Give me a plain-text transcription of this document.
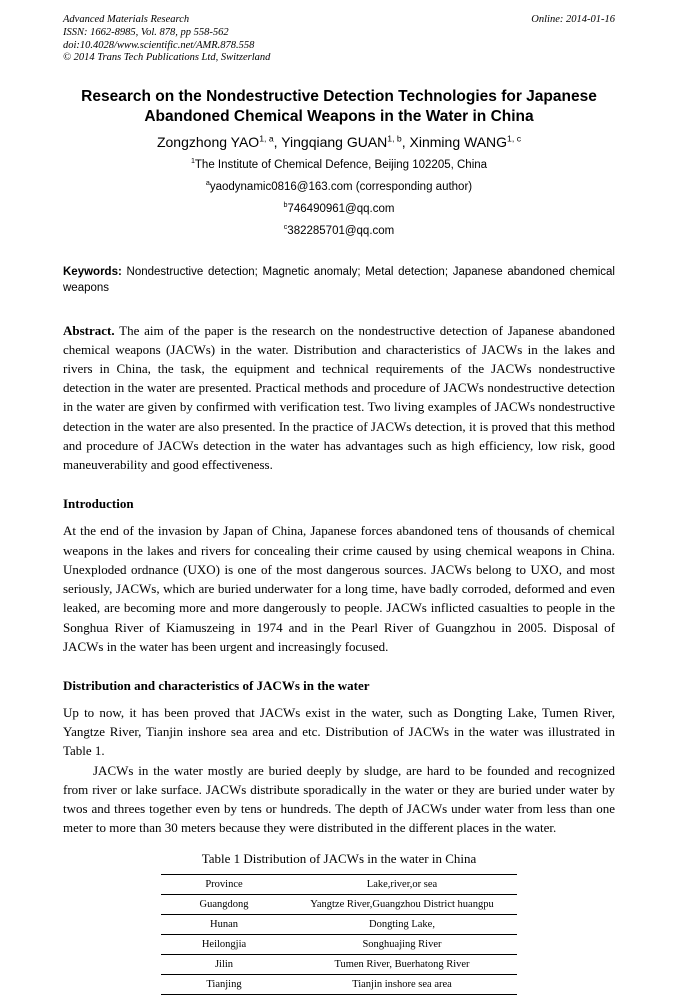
Advanced Materials Research
ISSN: 1662-8985, Vol. 878, pp 558-562
doi:10.4028/www.scientific.net/AMR.878.558
© 2014 Trans Tech Publications Ltd, Switzerland
Online: 2014-01-16
Research on the Nondestructive Detection Technologies for Japanese
Abandoned Chemical Weapons in the Water in China
Zongzhong YAO$^{1, a}$, Yingqiang GUAN$^{1, b}$, Xinming WANG$^{1, c}$
$^1$The Institute of Chemical Defence, Beijing 102205, China
$^a$yaodynamic0816@163.com (corresponding author)
$^b$746490961@qq.com
$^c$382285701@qq.com
Keywords: Nondestructive detection; Magnetic anomaly; Metal detection; Japanese abandoned chemical weapons
Abstract. The aim of the paper is the research on the nondestructive detection of Japanese abandoned chemical weapons (JACWs) in the water. Distribution and characteristics of JACWs in the lakes and rivers in China, the task, the equipment and technical requirements of the JACWs nondestructive detection in the water are presented. Practical methods and procedure of JACWs nondestructive detection in the water are given by confirmed with verification test. Two living examples of JACWs nondestructive detection in the water are also presented. In the practice of JACWs detection, it is proved that this method and procedure of JACWs detection in the water has advantages such as high efficiency, low risk, good maneuverability and good effectiveness.
Introduction
At the end of the invasion by Japan of China, Japanese forces abandoned tens of thousands of chemical weapons in the lakes and rivers for concealing their crime caused by using chemical weapons in China. Unexploded ordnance (UXO) is one of the most dangerous sources. JACWs belong to UXO, and most seriously, JACWs, which are buried underwater for a long time, have badly corroded, deformed and even leaked, are becoming more and more dangerously to people. JACWs inflicted casualties to people in the Songhua River of Kiamuszeing in 1974 and in the Pearl River of Guangzhou in 2005. Disposal of JACWs in the water has been urgent and increasingly focused.
Distribution and characteristics of JACWs in the water
Up to now, it has been proved that JACWs exist in the water, such as Dongting Lake, Tumen River, Yangtze River, Tianjin inshore sea area and etc. Distribution of JACWs in the water was illustrated in Table 1.
JACWs in the water mostly are buried deeply by sludge, are hard to be founded and recognized from river or lake surface. JACWs distribute sporadically in the water or they are buried under water by twos and threes together even by tens or hundreds. The depth of JACWs under water from less than one meter to more than 30 meters because they were distributed in the different places in the water.
Table 1 Distribution of JACWs in the water in China
Province	Lake,river,or sea
Guangdong	Yangtze River,Guangzhou District huangpu
Hunan	Dongting Lake,
Heilongjia	Songhuajing River
Jilin	Tumen River, Buerhatong River
Tianjing	Tianjin inshore sea area
